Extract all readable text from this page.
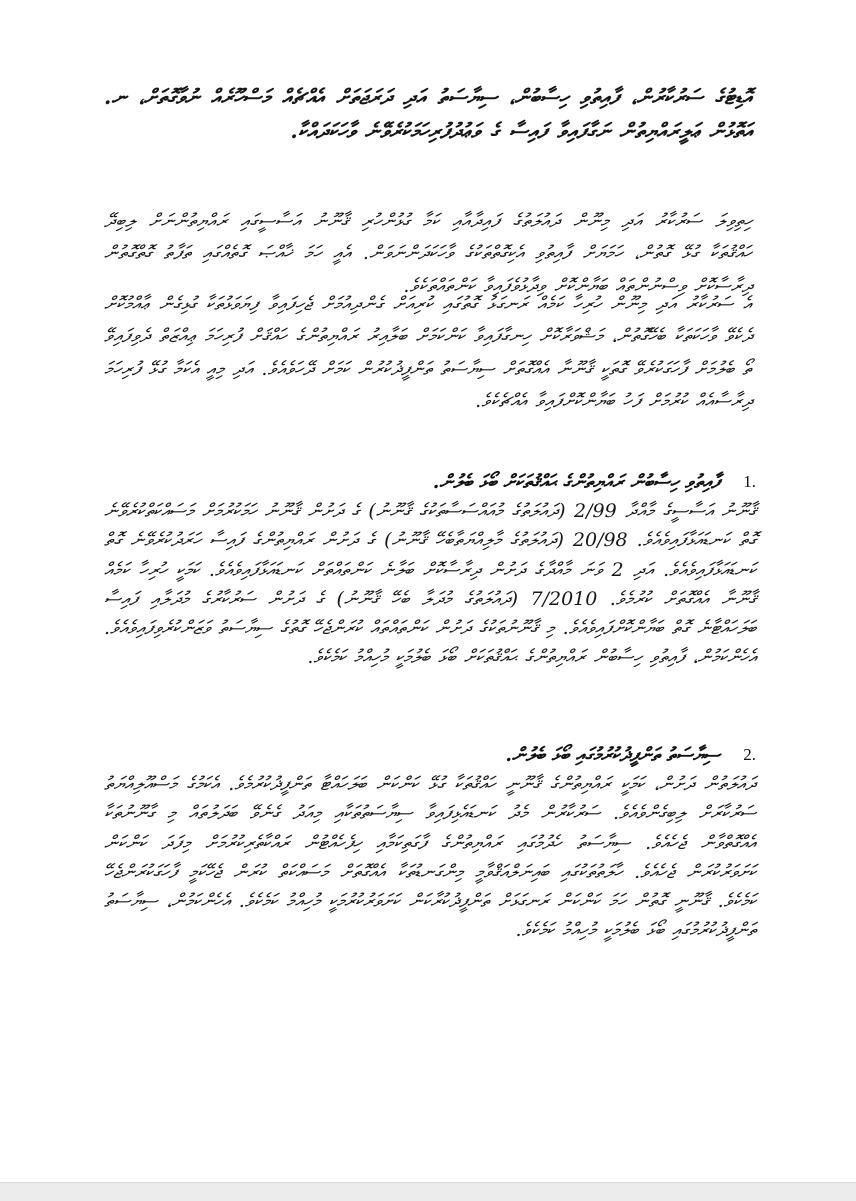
އޮޑިޓުގެ ސަރުކާރުން، ފާއިތުވި ހިސާބުން، ސިޔާސަތު އަދި ދަރަޖަތަށް އެއްޗެއް މަސްހޫރެއް ނުވާގޮތަށް، ނ. އަތޮޅުން ޢަލީރައްޔިތުން ނަގާފައިވާ ފައިސާ ގެ ވަޢުދުފުރިހަމަކުރެވޭނެ ވާހަކަދައްކާ.
ހިތިވިލަ ސަރުކާރު އަދި މިނޫން ދައުލަތުގެ ފައިދާއާއި ކަމާ ގުޅުންހުރި ޤާނޫނު އަސާސީގައި ރައްޔިތުންނަށް ލިބިދޭ ހައްޤުތަކާ ގުޅޭ ގޮތުން، ހަމަޔަށް ފާއިތުވި އެކިގޮތްތަކުގެ ވާހަކަދަންނަވަން. އެއީ ހަމަ ޚާއްޞަ ގޮތެއްގައި ތަފާތު ގޮތްގޮތުން ދިރާސާކޮށް ވިސްނުންތައް ބަޔާންކޮށް ވިދާޅުވެފައިވާ ކަންތައްތަކެވެ.
އެ ސަރުކާރު އަދި މިނޫން ހުރިހާ ކަމެއް ރަނގަޅު ގޮތުގައި ކުރިއަށް ގެންދިއުމަށް ޖެހިފައިވާ ފިޔަވަޅުތަކާ ގުޅިގެން ޢާއްމުކޮށް ދެކެވޭ ވާހަކަތަކާ ބެހޭގޮތުން، މަޝްވަރާކޮށް ހިނގާފައިވާ ކަންކަމަށް ބަލާއިރު ރައްޔިތުންގެ ހައްޤަށް ފުރިހަމަ ޢިއްޒަތް ދެވިފައިވޭ ތޯ ބެލުމަށް ފާހަގަކުރެވޭ ގޮތަކީ ޤާނޫނާ އެއްގޮތަށް ސިޔާސަތު ތަންފީޛުކުރުން ކަމަށް ދޭހަވެއެވެ. އަދި މިއީ އެކަމާ ގުޅޭ ފުރިހަމަ ދިރާސާއެއް ކުރުމަށް ފަހު ބަޔާންކޮށްފައިވާ އެއްޗެކެވެ.
1.
ފާއިތުވި ހިސާބުން ރައްޔިތުންގެ ޙައްޤުތަކަށް ބޯޅަ ބެލުން.
ޤާނޫނު އަސާސީގެ މާއްދާ 2/99 (ދައުލަތުގެ މުއައްސަސާތަކުގެ ޤާނޫނު) ގެ ދަށުން ޤާނޫނު ހަމަކުރުމަށް މަސައްކަތްކުރެވޭނެ ގޮތް ކަނޑައަޅާފައިވެއެވެ. 20/98 (ދައުލަތުގެ މާލިއްޔަތާބެހޭ ޤާނޫނު) ގެ ދަށުން ރައްޔިތުންގެ ފައިސާ ހަރަދުކުރެވޭނެ ގޮތް ކަނޑައަޅާފައިވެއެވެ. އަދި 2 ވަނަ މާއްދާގެ ދަށުން ދިރާސާކޮށް ބަލާނެ ކަންތައްތަށް ކަނޑައަޅާފައިވެއެވެ. ކަމަކީ ހުރިހާ ކަމެއް ޤާނޫނާ އެއްގޮތަށް ކުރުމެވެ. 7/2010 (ދައުލަތުގެ މުދަލާ ބެހޭ ޤާނޫނު) ގެ ދަށުން ސަރުކާރުގެ މުދަލާއި ފައިސާ ބަލަހައްޓާނެ ގޮތް ބަޔާންކޮށްފައިވެއެވެ. މި ޤާނޫނުތަކުގެ ދަށުން ކަންތައްތައް ކުރަންޖެހޭ ގޮތުގެ ސިޔާސަތު ވަޒަންކުރެވިފައިވެއެވެ. އެހެންކަމުން، ފާއިތުވި ހިސާބުން ރައްޔިތުންގެ ޙައްޤުތަކަށް ބޯޅަ ބެލުމަކީ މުހިއްމު ކަމެކެވެ.
2.
ސިޔާސަތު ތަންފީޛުކުރުމުގައި ބޯޅަ ބެލުން.
ދައުލަތުން ދަށުން، ކަމަކީ ރައްޔިތުންގެ ޤާނޫނީ ހައްޤުތަކާ ގުޅޭ ކަންކަން ބަލަހައްޓާ ތަންފީޛުކުރުމެވެ. އެކަމުގެ މަސްއޫލިއްޔަތު ސަރުކާރަށް ލިބިގެންވެއެވެ. ސަރުކާރުން މެދު ކަނޑައެޅިފައިވާ ސިޔާސަތުތަކާއި މިއަދު ގެނެވޭ ބަދަލުތައް މި ގާނޫނުތަކާ އެއްގޮތްވާން ޖެހެއެވެ. ސިޔާސަތު ހެދުމުގައި ރައްޔިތުންގެ ފާގަތިކަމާއި ހިފެހެއްޓުން ރައްކާތެރިކުރުމަށް މިފަދަ ކަންކަން ކަށަވަރުކުރަން ޖެހެއެވެ. ހާލަތުތަކުގައި ބައިނަލްއަޤްވާމީ މިންގަނޑުތަކާ އެއްގޮތަށް މަސައްކަތް ކުރަން ޖެހޭކަމީ ފާހަގަކުރަންޖެހޭ ކަމެކެވެ. ޤާނޫނީ ގޮތުން ހަމަ ކަންކަން ރަނގަޅަށް ތަންފީޛުކުރާކަން ކަށަވަރުކުރުމަކީ މުހިއްމު ކަމެކެވެ. އެހެންކަމުން، ސިޔާސަތު ތަންފީޛުކުރުމުގައި ބޯޅަ ބެލުމަކީ މުހިއްމު ކަމެކެވެ.
